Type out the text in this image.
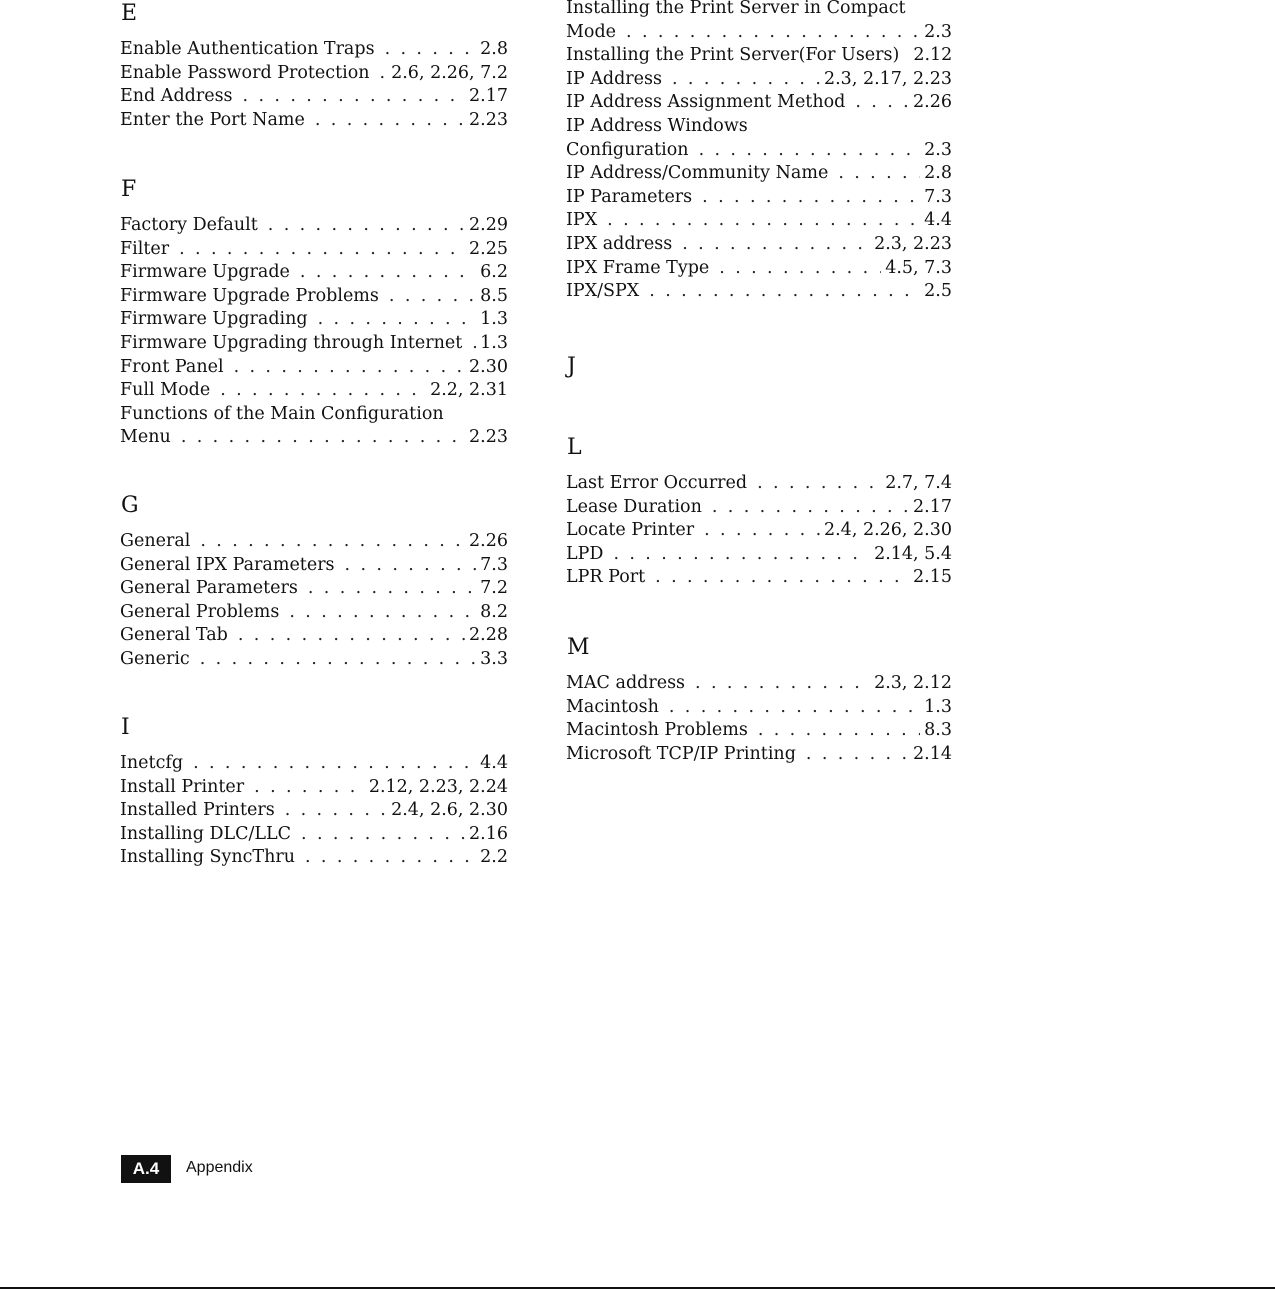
E
Enable Authentication Traps . . .	2.8
Enable Password Protection . . .	2.6, 2.26, 7.2
End Address . . .	2.17
Enter the Port Name . . .	2.23
F
Factory Default . . .	2.29
Filter . . .	2.25
Firmware Upgrade . . .	6.2
Firmware Upgrade Problems . . .	8.5
Firmware Upgrading . . .	1.3
Firmware Upgrading through Internet . . .	1.3
Front Panel . . .	2.30
Full Mode . . .	2.2, 2.31
Functions of the Main Configuration
Menu . . .	2.23
G
General . . .	2.26
General IPX Parameters . . .	7.3
General Parameters . . .	7.2
General Problems . . .	8.2
General Tab . . .	2.28
Generic . . .	3.3
I
Inetcfg . . .	4.4
Install Printer . . .	2.12, 2.23, 2.24
Installed Printers . . .	2.4, 2.6, 2.30
Installing DLC/LLC . . .	2.16
Installing SyncThru . . .	2.2
Installing the Print Server in Compact
Mode . . .	2.3
Installing the Print Server(For Users) 2.12
IP Address . . .	2.3, 2.17, 2.23
IP Address Assignment Method . . .	2.26
IP Address Windows
Configuration . . .	2.3
IP Address/Community Name . . .	2.8
IP Parameters . . .	7.3
IPX . . .	4.4
IPX address . . .	2.3, 2.23
IPX Frame Type . . .	4.5, 7.3
IPX/SPX . . .	2.5
J
L
Last Error Occurred . . .	2.7, 7.4
Lease Duration . . .	2.17
Locate Printer . . .	2.4, 2.26, 2.30
LPD . . .	2.14, 5.4
LPR Port . . .	2.15
M
MAC address . . .	2.3, 2.12
Macintosh . . .	1.3
Macintosh Problems . . .	8.3
Microsoft TCP/IP Printing . . .	2.14
A.4	Appendix
